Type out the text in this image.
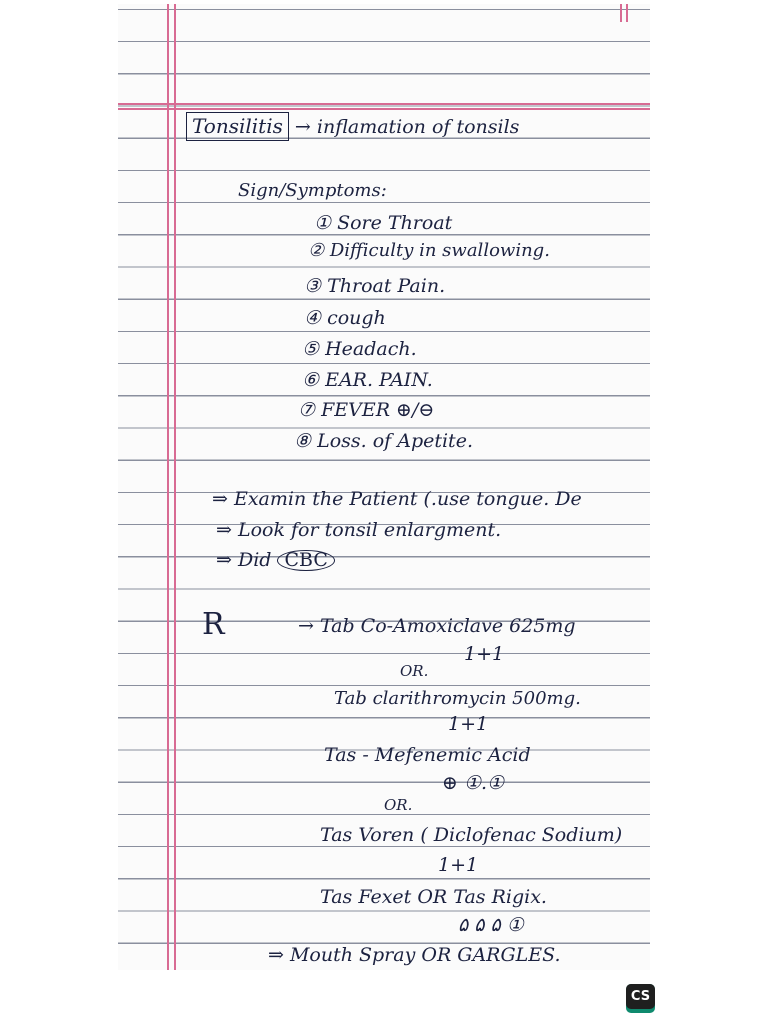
Tonsilitis → inflamation of tonsils
Sign/Symptoms:
① Sore Throat
② Difficulty in swallowing.
③ Throat Pain.
④ cough
⑤ Headach.
⑥ EAR. PAIN.
⑦ FEVER ⊕/⊖
⑧ Loss. of Apetite.
⇒ Examin the Patient (.use tongue. De
⇒ Look for tonsil enlargment.
⇒ Did CBC
R	→ Tab Co-Amoxiclave 625mg
1+1
OR.
Tab clarithromycin 500mg.
1+1
Tas - Mefenemic Acid
⊕ ①.①
OR.
Tas Voren ( Diclofenac Sodium)
1+1
Tas Fexet OR Tas Rigix.
۵ ۵ ۵ ①
⇒ Mouth Spray OR GARGLES.
CS
